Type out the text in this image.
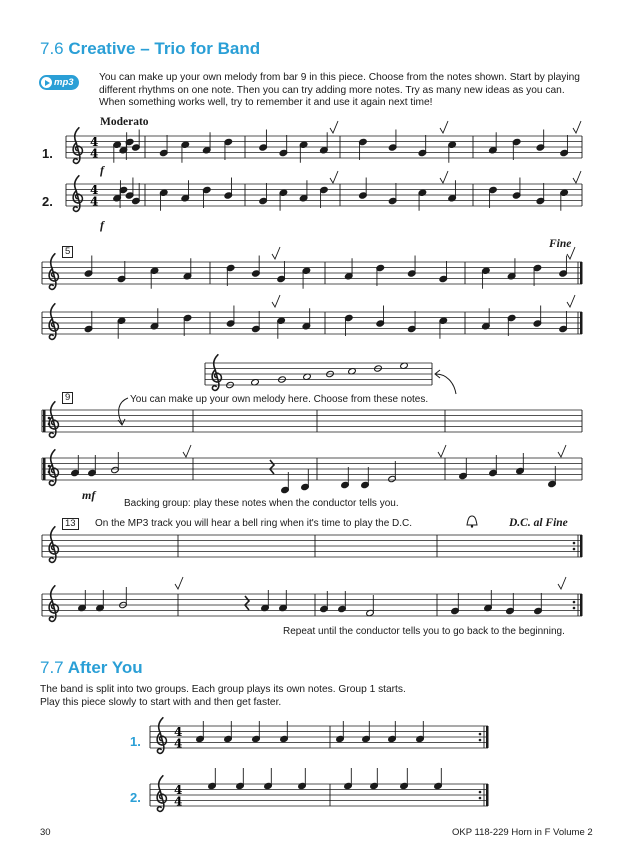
7.6 Creative – Trio for Band
mp3 You can make up your own melody from bar 9 in this piece. Choose from the notes shown. Start by playing different rhythms on one note. Then you can try adding more notes. Try as many new ideas as you can. When something works well, try to remember it and use it again next time!
Moderato
1.
2.
f
f
5
Fine
9	You can make up your own melody here. Choose from these notes.
mf
Backing group: play these notes when the conductor tells you.
13	On the MP3 track you will hear a bell ring when it's time to play the D.C.	D.C. al Fine
Repeat until the conductor tells you to go back to the beginning.
7.7 After You
The band is split into two groups. Each group plays its own notes. Group 1 starts.
Play this piece slowly to start with and then get faster.
1.
2.
30	OKP 118-229 Horn in F Volume 2
4
4
4
4
4
4
4
4
